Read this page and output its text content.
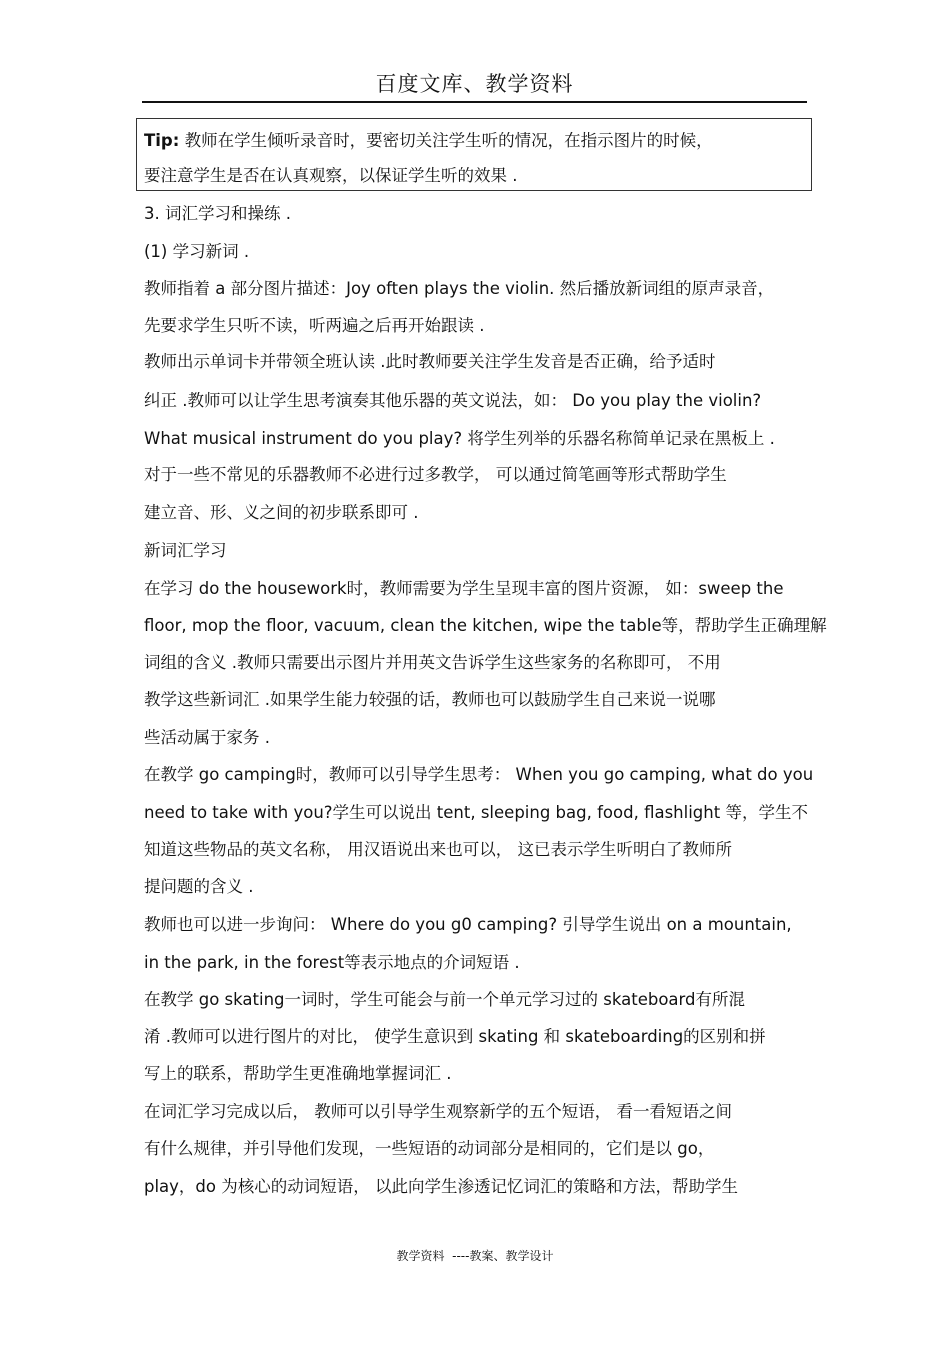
百度文库、教学资料
Tip: 教师在学生倾听录音时，要密切关注学生听的情况，在指示图片的时候，
要注意学生是否在认真观察，以保证学生听的效果 .
3. 词汇学习和操练 .
(1) 学习新词 .
教师指着 a 部分图片描述：Joy often plays the violin. 然后播放新词组的原声录音，
先要求学生只听不读，听两遍之后再开始跟读 .
教师出示单词卡并带领全班认读 .此时教师要关注学生发音是否正确，给予适时
纠正 .教师可以让学生思考演奏其他乐器的英文说法，如： Do you play the violin?
What musical instrument do you play? 将学生列举的乐器名称简单记录在黑板上 .
对于一些不常见的乐器教师不必进行过多教学， 可以通过简笔画等形式帮助学生
建立音、形、义之间的初步联系即可 .
新词汇学习
在学习 do the housework时，教师需要为学生呈现丰富的图片资源， 如：sweep the
floor, mop the floor, vacuum, clean the kitchen, wipe the table等，帮助学生正确理解
词组的含义 .教师只需要出示图片并用英文告诉学生这些家务的名称即可， 不用
教学这些新词汇 .如果学生能力较强的话，教师也可以鼓励学生自己来说一说哪
些活动属于家务 .
在教学 go camping时，教师可以引导学生思考： When you go camping, what do you
need to take with you?学生可以说出 tent, sleeping bag, food, flashlight 等，学生不
知道这些物品的英文名称， 用汉语说出来也可以， 这已表示学生听明白了教师所
提问题的含义 .
教师也可以进一步询问： Where do you g0 camping? 引导学生说出 on a mountain,
in the park, in the forest等表示地点的介词短语 .
在教学 go skating一词时，学生可能会与前一个单元学习过的 skateboard有所混
淆 .教师可以进行图片的对比， 使学生意识到 skating 和 skateboarding的区别和拼
写上的联系，帮助学生更准确地掌握词汇 .
在词汇学习完成以后， 教师可以引导学生观察新学的五个短语， 看一看短语之间
有什么规律，并引导他们发现，一些短语的动词部分是相同的，它们是以 go，
play，do 为核心的动词短语， 以此向学生渗透记忆词汇的策略和方法，帮助学生
教学资料  ----教案、教学设计
